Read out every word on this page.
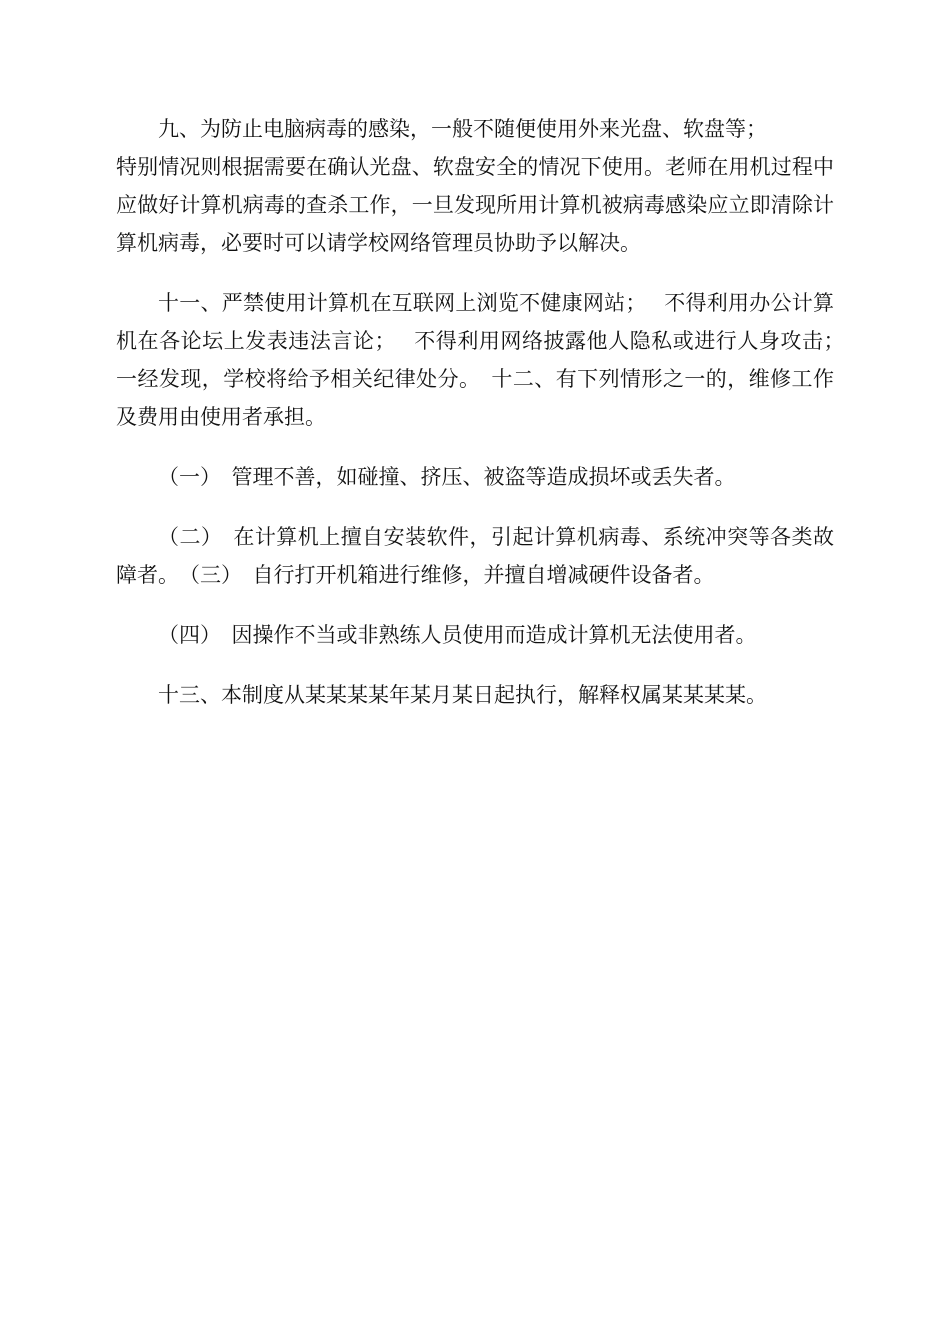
九、为防止电脑病毒的感染，一般不随便使用外来光盘、软盘等；
特别情况则根据需要在确认光盘、软盘安全的情况下使用。老师在用机过程中应做好计算机病毒的查杀工作，一旦发现所用计算机被病毒感染应立即清除计算机病毒，必要时可以请学校网络管理员协助予以解决。

十一、严禁使用计算机在互联网上浏览不健康网站；　 不得利用办公计算机在各论坛上发表违法言论；　 不得利用网络披露他人隐私或进行人身攻击；　 一经发现，学校将给予相关纪律处分。　十二、有下列情形之一的，维修工作及费用由使用者承担。

（一）　管理不善，如碰撞、挤压、被盗等造成损坏或丢失者。

（二）　在计算机上擅自安装软件，引起计算机病毒、系统冲突等各类故障者。　（三）　自行打开机箱进行维修，并擅自增减硬件设备者。

（四）　因操作不当或非熟练人员使用而造成计算机无法使用者。

十三、本制度从某某某某年某月某日起执行，解释权属某某某某。
